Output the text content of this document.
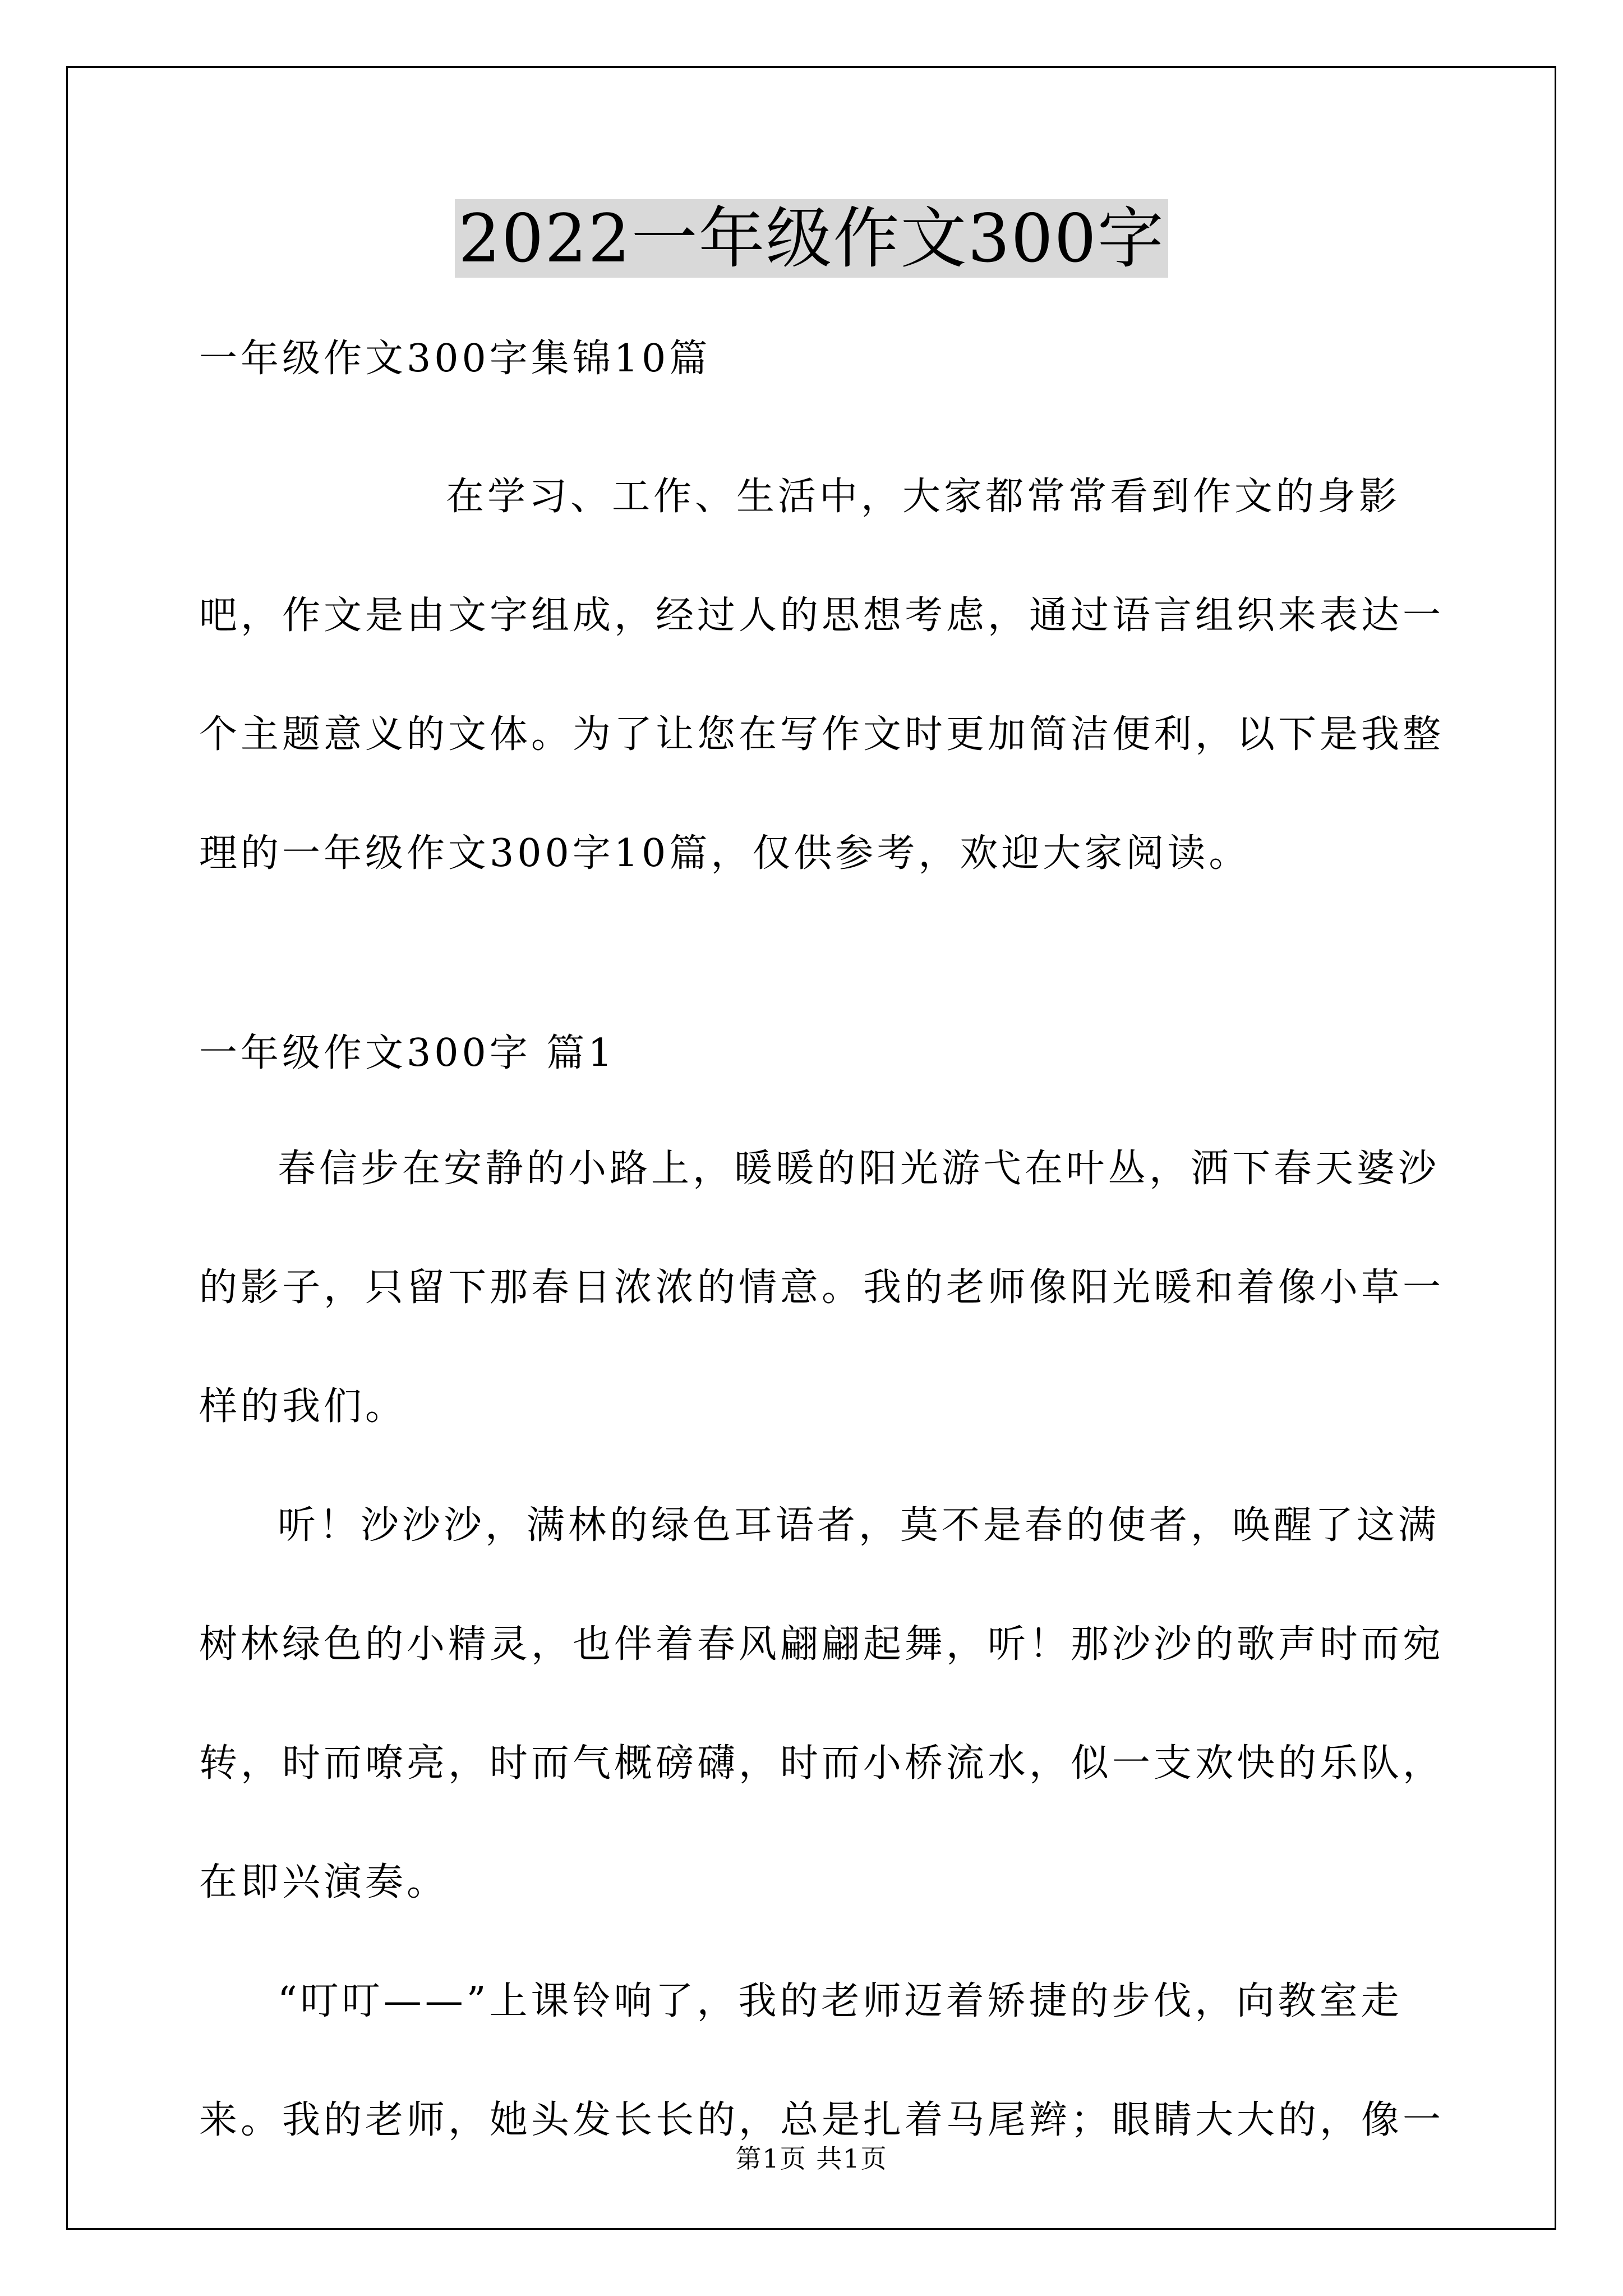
2022一年级作文300字
一年级作文300字集锦10篇

在学习、工作、生活中，大家都常常看到作文的身影吧，作文是由文字组成，经过人的思想考虑，通过语言组织来表达一个主题意义的文体。为了让您在写作文时更加简洁便利，以下是我整理的一年级作文300字10篇，仅供参考，欢迎大家阅读。

一年级作文300字 篇1

春信步在安静的小路上，暖暖的阳光游弋在叶丛，洒下春天婆沙的影子，只留下那春日浓浓的情意。我的老师像阳光暖和着像小草一样的我们。

听！沙沙沙，满林的绿色耳语者，莫不是春的使者，唤醒了这满树林绿色的小精灵，也伴着春风翩翩起舞，听！那沙沙的歌声时而宛转，时而嘹亮，时而气概磅礴，时而小桥流水，似一支欢快的乐队，在即兴演奏。

“叮叮——”上课铃响了，我的老师迈着矫捷的步伐，向教室走来。我的老师，她头发长长的，总是扎着马尾辫；眼睛大大的，像一

第1页 共1页
